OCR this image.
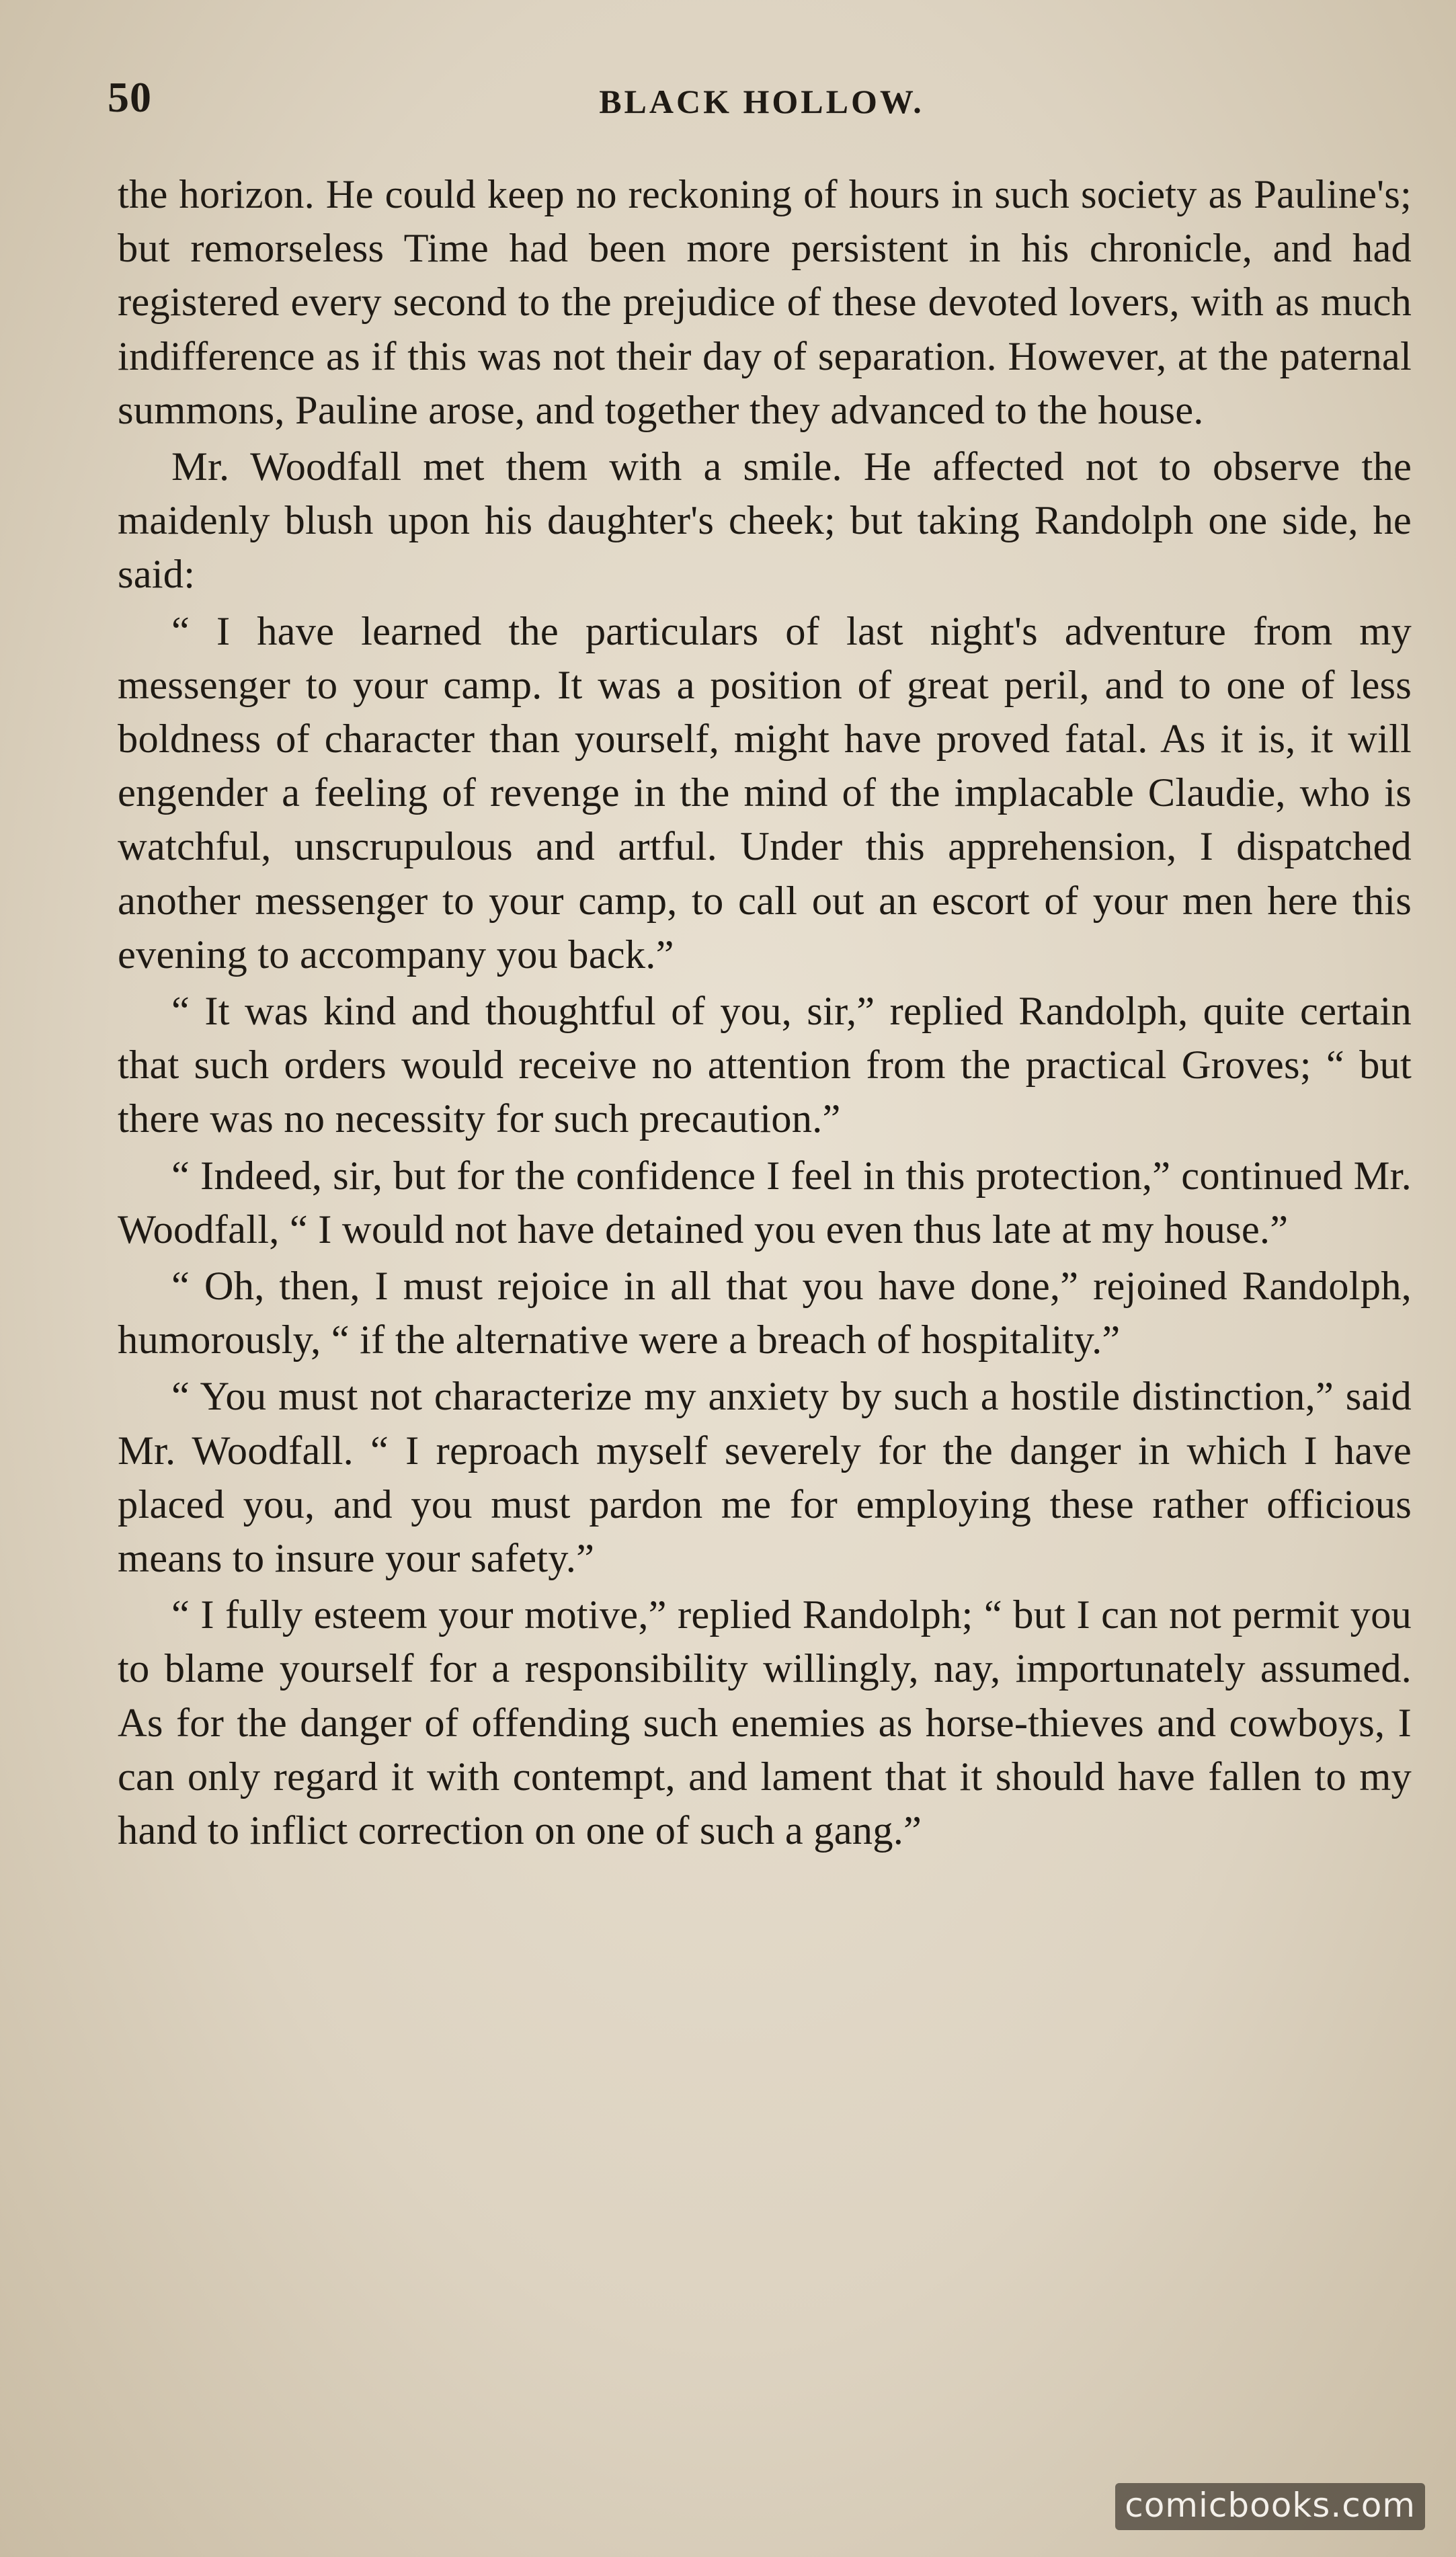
50	BLACK HOLLOW.

the horizon. He could keep no reckoning of hours in such society as Pauline's; but remorseless Time had been more persistent in his chronicle, and had registered every second to the prejudice of these devoted lovers, with as much indifference as if this was not their day of separation. However, at the paternal summons, Pauline arose, and together they advanced to the house.

Mr. Woodfall met them with a smile. He affected not to observe the maidenly blush upon his daughter's cheek; but taking Randolph one side, he said:

“ I have learned the particulars of last night's adventure from my messenger to your camp. It was a position of great peril, and to one of less boldness of character than yourself, might have proved fatal. As it is, it will engender a feeling of revenge in the mind of the implacable Claudie, who is watchful, unscrupulous and artful. Under this apprehension, I dispatched another messenger to your camp, to call out an escort of your men here this evening to accompany you back.”

“ It was kind and thoughtful of you, sir,” replied Randolph, quite certain that such orders would receive no attention from the practical Groves; “ but there was no necessity for such precaution.”

“ Indeed, sir, but for the confidence I feel in this protection,” continued Mr. Woodfall, “ I would not have detained you even thus late at my house.”

“ Oh, then, I must rejoice in all that you have done,” rejoined Randolph, humorously, “ if the alternative were a breach of hospitality.”

“ You must not characterize my anxiety by such a hostile distinction,” said Mr. Woodfall. “ I reproach myself severely for the danger in which I have placed you, and you must pardon me for employing these rather officious means to insure your safety.”

“ I fully esteem your motive,” replied Randolph; “ but I can not permit you to blame yourself for a responsibility willingly, nay, importunately assumed. As for the danger of offending such enemies as horse-thieves and cowboys, I can only regard it with contempt, and lament that it should have fallen to my hand to inflict correction on one of such a gang.”

comicbooks.com
